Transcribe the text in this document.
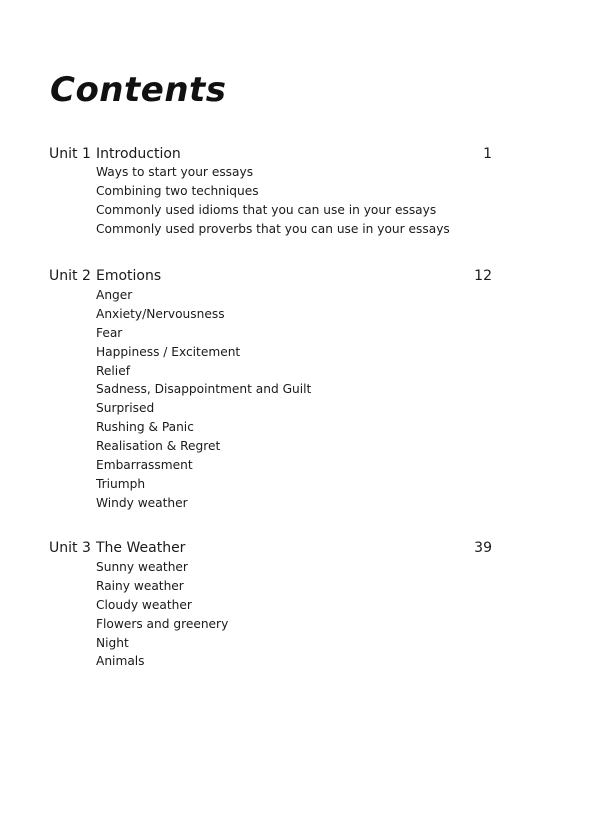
Contents
Unit 1 Introduction	1
Ways to start your essays
Combining two techniques
Commonly used idioms that you can use in your essays
Commonly used proverbs that you can use in your essays
Unit 2 Emotions	12
Anger
Anxiety/Nervousness
Fear
Happiness / Excitement
Relief
Sadness, Disappointment and Guilt
Surprised
Rushing & Panic
Realisation & Regret
Embarrassment
Triumph
Windy weather
Unit 3 The Weather	39
Sunny weather
Rainy weather
Cloudy weather
Flowers and greenery
Night
Animals
